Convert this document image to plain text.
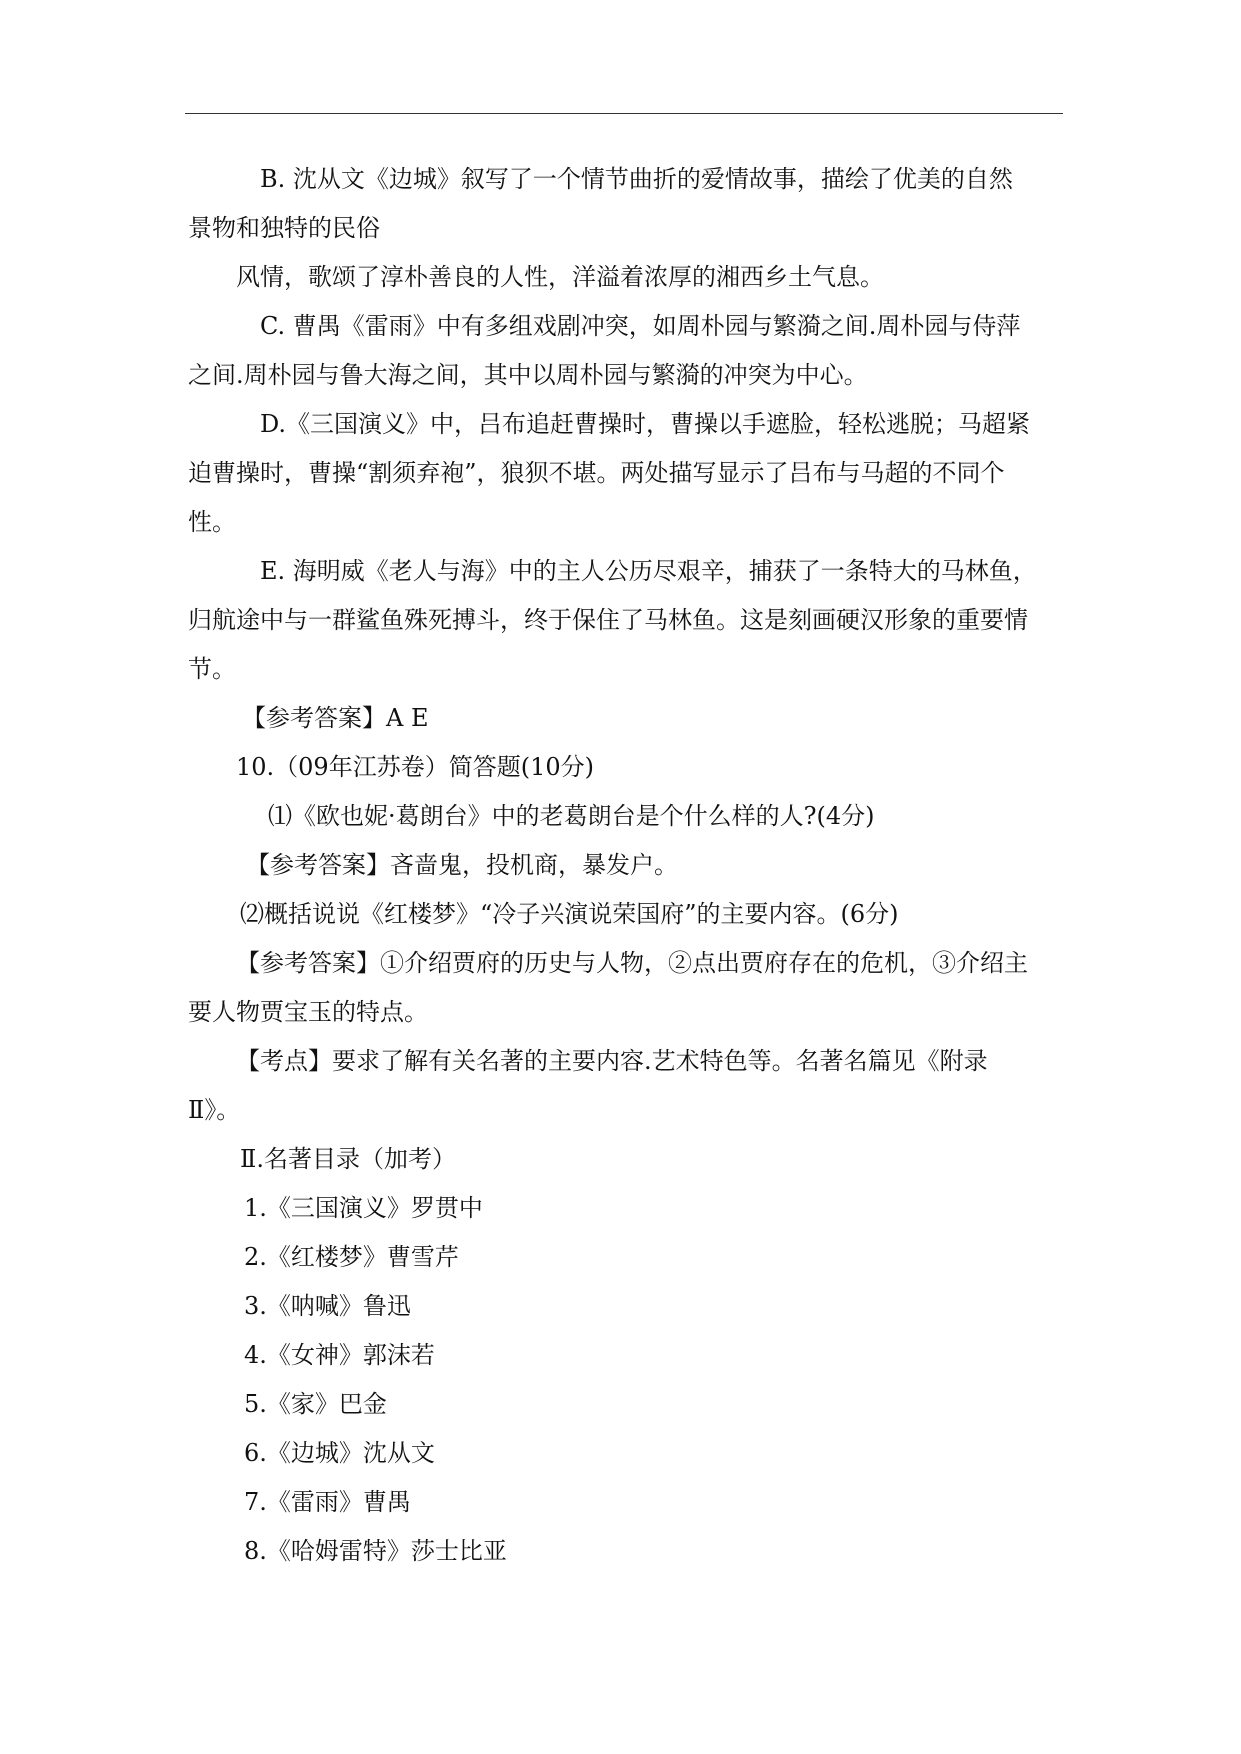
B. 沈从文《边城》叙写了一个情节曲折的爱情故事，描绘了优美的自然

景物和独特的民俗

风情，歌颂了淳朴善良的人性，洋溢着浓厚的湘西乡土气息。

C. 曹禺《雷雨》中有多组戏剧冲突，如周朴园与繁漪之间.周朴园与侍萍

之间.周朴园与鲁大海之间，其中以周朴园与繁漪的冲突为中心。

D.《三国演义》中，吕布追赶曹操时，曹操以手遮脸，轻松逃脱；马超紧

迫曹操时，曹操“割须弃袍”，狼狈不堪。两处描写显示了吕布与马超的不同个

性。

E. 海明威《老人与海》中的主人公历尽艰辛，捕获了一条特大的马林鱼，

归航途中与一群鲨鱼殊死搏斗，终于保住了马林鱼。这是刻画硬汉形象的重要情

节。

【参考答案】A E

10.（09年江苏卷）简答题(10分)

⑴《欧也妮·葛朗台》中的老葛朗台是个什么样的人?(4分)

【参考答案】吝啬鬼，投机商，暴发户。

⑵概括说说《红楼梦》“冷子兴演说荣国府”的主要内容。(6分)

【参考答案】①介绍贾府的历史与人物，②点出贾府存在的危机，③介绍主

要人物贾宝玉的特点。

【考点】要求了解有关名著的主要内容.艺术特色等。名著名篇见《附录

Ⅱ》。

Ⅱ.名著目录（加考）

1.《三国演义》 罗贯中
2.《红楼梦》 曹雪芹
3.《呐喊》 鲁迅
4.《女神》 郭沫若
5.《家》 巴金
6.《边城》 沈从文
7.《雷雨》 曹禺
8.《哈姆雷特》 莎士比亚
